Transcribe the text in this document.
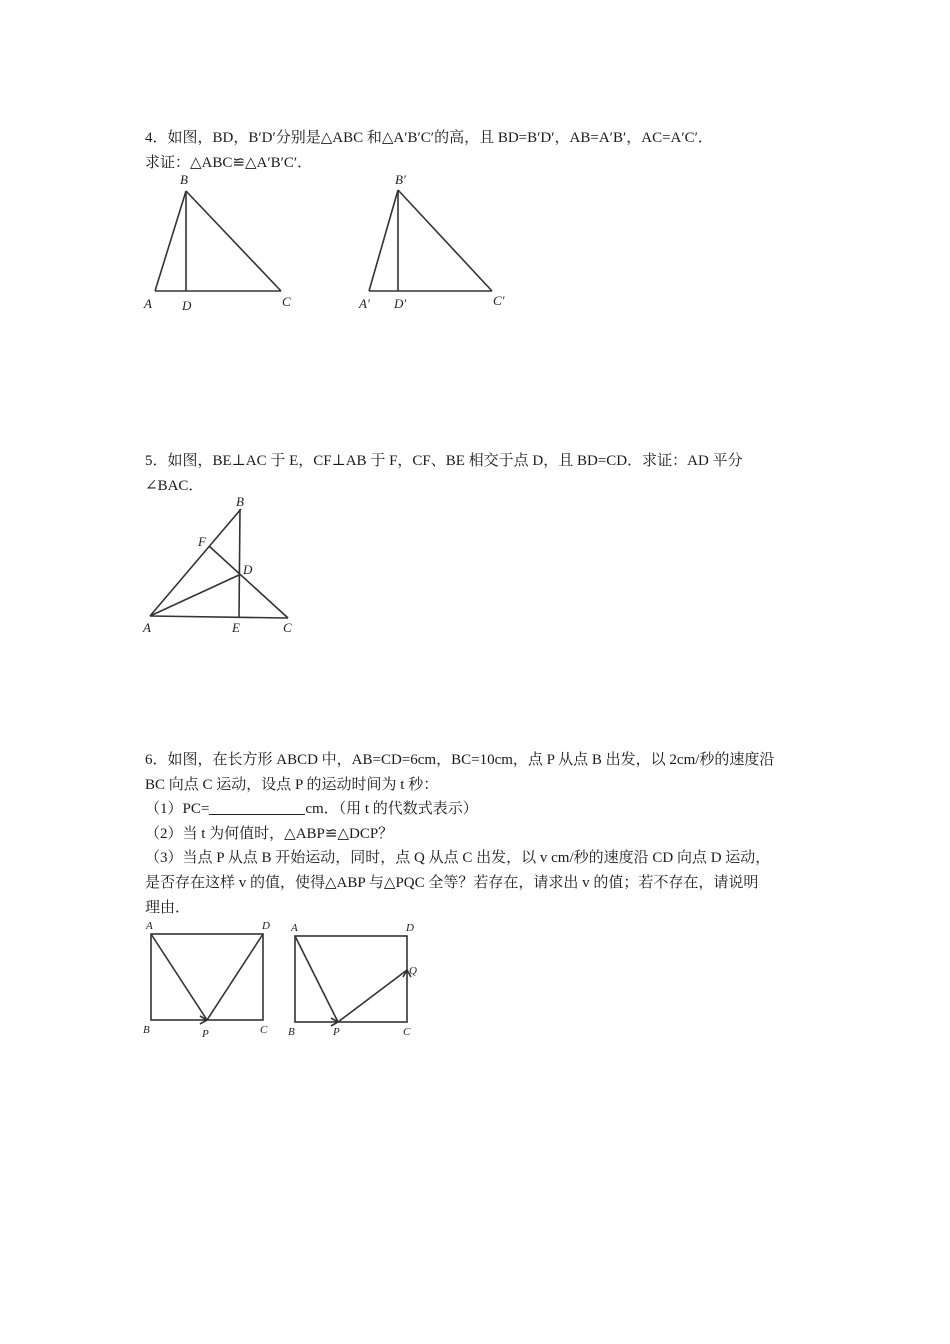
4．如图，BD，B′D′分别是△ABC 和△A′B′C′的高，且 BD=B′D′，AB=A′B′，AC=A′C′．
求证：△ABC≌△A′B′C′．
B
A D	C
B′
A′ D′	C′
5．如图，BE⊥AC 于 E，CF⊥AB 于 F，CF、BE 相交于点 D，且 BD=CD．求证：AD 平分
∠BAC．
B
F
D
A	E	C
6．如图，在长方形 ABCD 中，AB=CD=6cm，BC=10cm，点 P 从点 B 出发，以 2cm/秒的速度沿
BC 向点 C 运动，设点 P 的运动时间为 t 秒：
（1）PC=	cm．（用 t 的代数式表示）
（2）当 t 为何值时，△ABP≌△DCP？
（3）当点 P 从点 B 开始运动，同时，点 Q 从点 C 出发，以 v cm/秒的速度沿 CD 向点 D 运动，
是否存在这样 v 的值，使得△ABP 与△PQC 全等？若存在，请求出 v 的值；若不存在，请说明
理由．
A	D
B	P	C
A	D
Q
B	P	C
